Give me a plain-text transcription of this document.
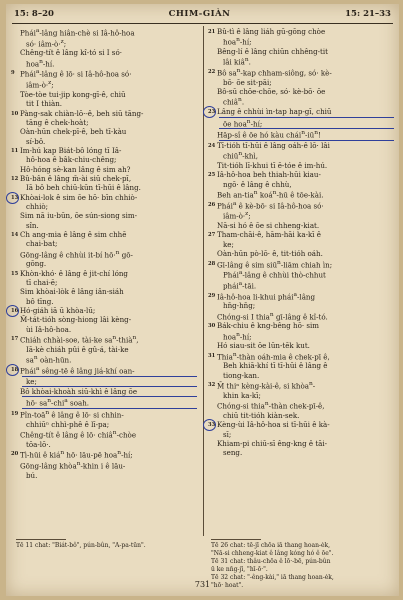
15: 8–20	CHIM-GIÀN	15: 21–33
Phái$^a$-lâng hiân-chè si Iâ-hô-hoa
só· iâm-ò·$^z$;
Chêng-tít ê lâng kî-tó si I só·
hoa$^n$-hí.
9 Phái$^a$-lâng ê lō· si Iâ-hô-hoa só·
iâm-ò·$^z$;
Tòe-tòe tui-jip kong-gī-ê, chiū
tit I thiàn.
10 Pàng-sak chiàn-lō·-ê, beh siū tāng-
tāng ê chek-hoàt;
Oàn-hūn chek-pī-ê, beh tī-kàu
sí-bô.
11 Im-hú kap Biát-bô lóng tī Iâ-
hô-hoa ê bâk-chiu-chêng;
Hô-hóng sè-kan lâng ê sim ah?
12 Bû-bân ê lâng m̄-ài siū chek-pī,
Iā bô beh chiū-kūn tī-hūi ê lâng.
13 Khòai-lok ê sim ōe hō· bīn chhiò-
chhiò;
Sim nā iu-būn, ōe sún-siong sim-
sîn.
14 Ch ang-mia ê lâng ê sim chhē
chai-bat;
Gōng-lâng ê chhùi it-bí hō·$^n$ gō-
gōng.
15 Khòn-khó· ê lâng ê jit-chí lóng
tī chai-ē;
Sim khòai-lòk ê lâng iân-siáh
bô tīng.
16 Hó-giáh iā ū khòa-lū;
M̄-tát-tióh sòng-hiong lâi kèng-
ùi Iâ-hô-hoa.
17 Chiáh chhài-soe, tài-ke $sa^n-thià^n$,
Iā-kè chiáh pûi ê gû-á, tài-ke
$sa^n$ oàn-hūn.
18 Phái$^a$ sêng-tē ê lâng jiá-khí oan-
ke;
Bô khòai-khoàh siū-khì ê lâng ōe
hō· $sa^n-chi^a$ soah.
19 Pîn-toā$^n$ ê lâng ê lō· si chhin-
chhiūⁿ chhì-phê ê lī-pa;
Chêng-tít ê lâng ê lō· chiâ$^n$-chòe
tōa-lō·.
20 Tì-hūi ê kiá$^n$ hō· lāu-pē hoa$^n$-hí;
Gōng-lâng khòa$^n$-khin i ê lāu-
bú.
21 Bû-tì ê lâng liáh gū-gōng chòe
hoa$^n$-hí;
Bêng-lí ê lâng chiūn chhêng-tit
lâi kiâ$^n$.
22 Bô $sa^n$-kap chham-siông, só· kè-
bō· ōe sit-pāi;
Bô-sū chōe-chōe, só· kè-bō· ōe
chiâ$^n$.
23 Lâng ê chhùi ìn-tap hap-gī, chiū
ōe hoa$^n$-hí;
Hāp-sî ê ōe hó kàu $chái^n-iū^n$!
24 Tī-tióh tī-hūi ê lâng oáh-ê lō· lâi
chiū$^n$-khì,
Tit-tióh lī-khui tī ē-tóe ê im-hú.
25 Iâ-hô-hoa beh thiah-hūi kiau-
ngō· ê lâng ê chhù,
Beh an-tia$^n$ koá$^n$-hū ê tōe-kài.
26 Phái$^a$ ê kè-bō· si Iâ-hô-hoa só·
iâm-ò·$^z$;
Nā-si hó ê ōe si chheng-kiat.
27 Tham-chāi-ê, hām-hāi ka-kī ê
ke;
Oàn-hūn pò-lō· ê, tit-tióh oáh.
28 Gī-lâng ê sim siū$^n$-liām chiah ìn;
Phái$^a$-lâng ê chhùi thò-chhut
phái$^a$-tāi.
29 Iâ-hô-hoa li-khui phái$^a$-lâng
hn̄g-hn̄g;
Chóng-si I thia$^n$ gī-lâng ê kî-tó.
30 Bák-chiu ê kng-bêng hō· sim
hoa$^n$-hí;
Hó siau-sit ōe lūn-tēk kut.
31 Thia$^n$-thàn oáh-mia ê chek-pī ê,
Beh khiā-khí tī tī-hūi ê lâng ê
tiong-kan.
32 M̄ thiⁿ kèng-kài-ê, si khòa$^n$-
khin ka-kī;
Chóng-si thia$^n$-thàn chek-pī-ê,
chiū tit-tióh kiàn-sek.
33 Kèng-ùi Iâ-hô-hoa si tī-hūi ê kà-
sī;
Khiam-pi chiū-sī êng-kng ê tāi-
seng.
Tē 11 chat: "Biát-bô", pún-bûn, "A-pa-tūn".	Tē 26 chat: tē-jī chōa iā thang hoan-ėk,
"Nā-si chheng-kiat ê lâng kóng hó ê ōe".
Tē 31 chat: thâu-chōa ê lō·-bē, pún-bûn
ū ke nn̄g-jī, "hī-ō·".
Tē 32 chat: "-êng-kài," iā thang hoan-ėk,
"hō· hoat".
731
